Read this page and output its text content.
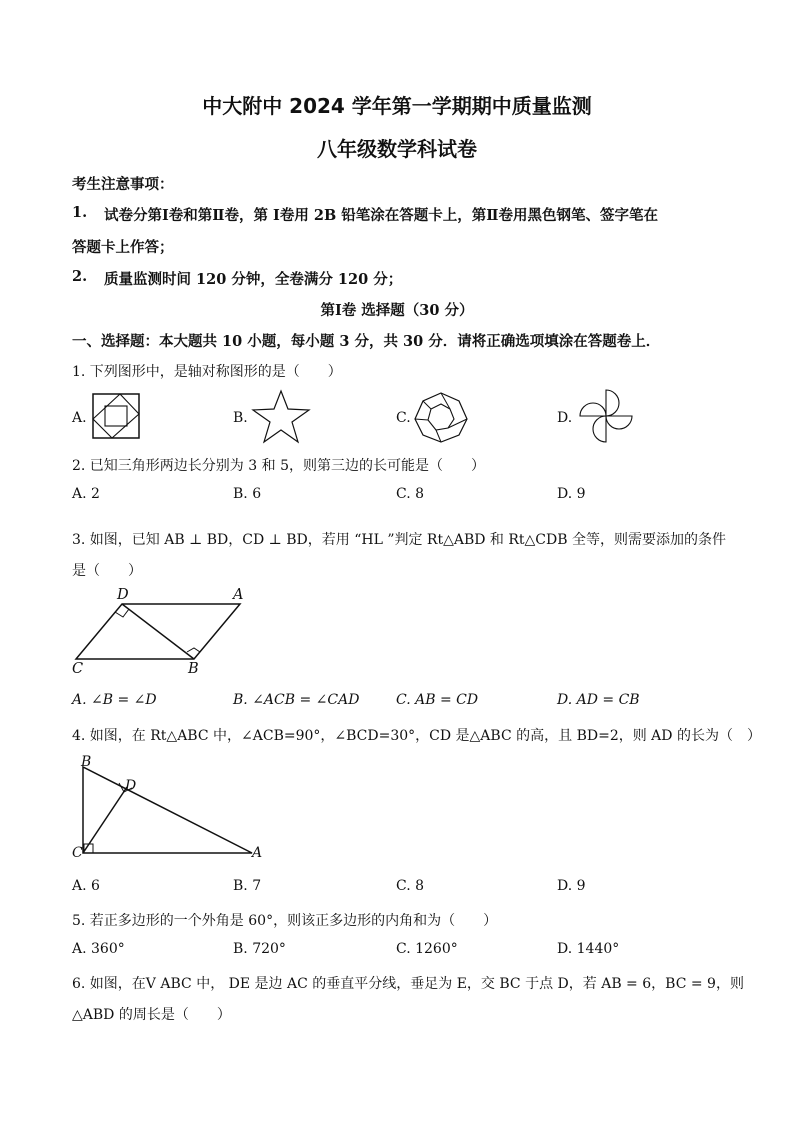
中大附中 2024 学年第一学期期中质量监测
八年级数学科试卷
考生注意事项：
1. 试卷分第Ⅰ卷和第Ⅱ卷，第 Ⅰ卷用 2B 铅笔涂在答题卡上，第Ⅱ卷用黑色钢笔、签字笔在
答题卡上作答；
2. 质量监测时间 120 分钟，全卷满分 120 分；
第Ⅰ卷 选择题（30 分）
一、选择题：本大题共 10 小题，每小题 3 分，共 30 分．请将正确选项填涂在答题卷上．
1. 下列图形中，是轴对称图形的是（　　）
A.	B.	C.	D.
2. 已知三角形两边长分别为 3 和 5，则第三边的长可能是（　　）
A. 2	B. 6	C. 8	D. 9
3. 如图，已知 AB ⊥ BD，CD ⊥ BD，若用 “HL ”判定 Rt△ABD 和 Rt△CDB 全等，则需要添加的条件
是（　　）
D	A
C	B
A. ∠B = ∠D	B. ∠ACB = ∠CAD	C. AB = CD	D. AD = CB
4. 如图，在 Rt△ABC 中，∠ACB=90°，∠BCD=30°，CD 是△ABC 的高，且 BD=2，则 AD 的长为（　）
B
D
C	A
A. 6	B. 7	C. 8	D. 9
5. 若正多边形的一个外角是 60°，则该正多边形的内角和为（　　）
A. 360°	B. 720°	C. 1260°	D. 1440°
6. 如图，在V ABC 中， DE 是边 AC 的垂直平分线，垂足为 E，交 BC 于点 D，若 AB = 6，BC = 9，则
△ABD 的周长是（　　）
